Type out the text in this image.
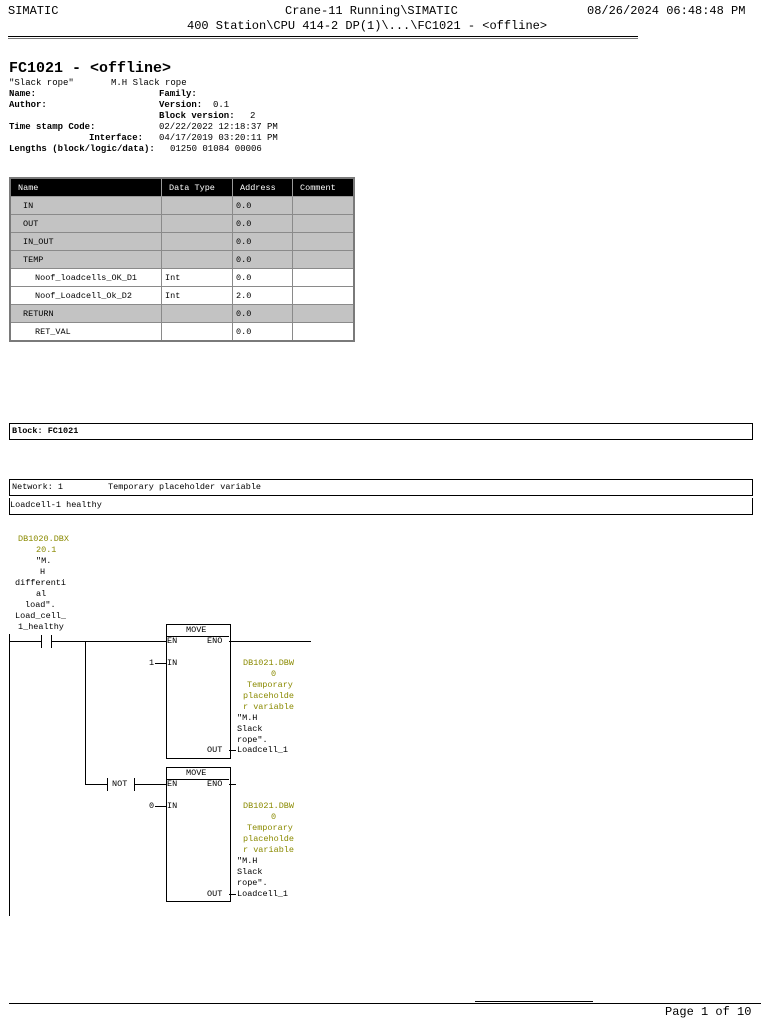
SIMATIC	Crane-11 Running\SIMATIC
400 Station\CPU 414-2 DP(1)\...\FC1021 - <offline>
08/26/2024 06:48:48 PM
FC1021 - <offline>
"Slack rope"	M.H Slack rope
Name:	Family:
Author:	Version: 0.1
Block version: 2
Time stamp Code:	02/22/2022 12:18:37 PM
Interface: 04/17/2019 03:20:11 PM
Lengths (block/logic/data): 01250 01084 00006
Name	Data Type	Address	Comment
IN		0.0	
OUT		0.0	
IN_OUT		0.0	
TEMP		0.0	
Noof_loadcells_OK_D1	Int	0.0	
Noof_Loadcell_Ok_D2	Int	2.0	
RETURN		0.0	
RET_VAL		0.0	
Block: FC1021
Network: 1	Temporary placeholder variable
Loadcell-1 healthy
DB1020.DBX
20.1
"M.
H
differenti
al
load".
Load_cell_
1_healthy
NOT
MOVE
EN	ENO
1 IN
OUT
DB1021.DBW
0
Temporary
placeholde
r variable
"M.H
Slack
rope".
Loadcell_1
MOVE
EN	ENO
0 IN
OUT
DB1021.DBW
0
Temporary
placeholde
r variable
"M.H
Slack
rope".
Loadcell_1
Page 1 of 10
